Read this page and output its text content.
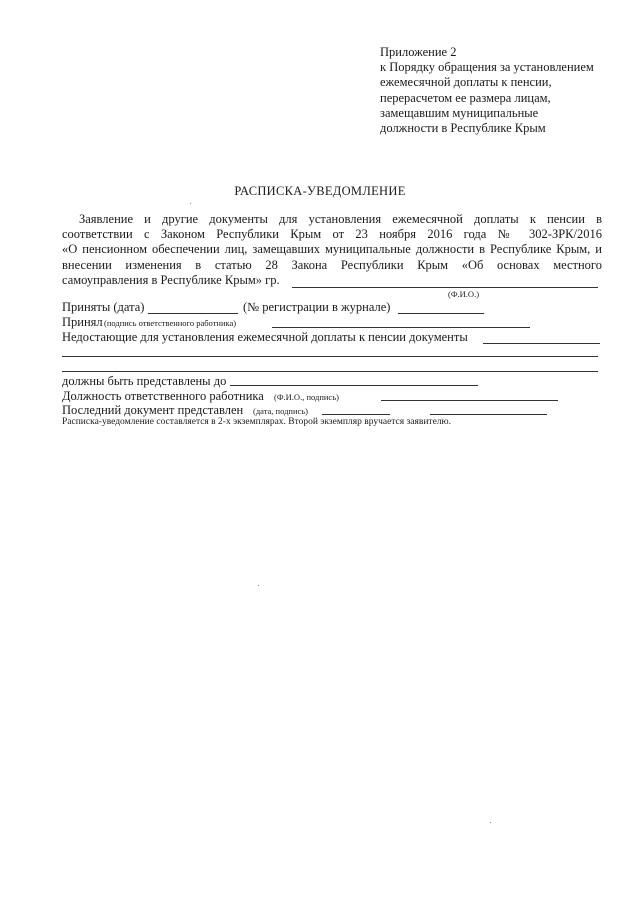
Приложение 2
к Порядку обращения за установлением
ежемесячной доплаты к пенсии,
перерасчетом ее размера лицам,
замещавшим муниципальные
должности в Республике Крым
РАСПИСКА-УВЕДОМЛЕНИЕ
Заявление и другие документы для установления ежемесячной доплаты к пенсии в
соответствии с Законом Республики Крым от 23 ноября 2016 года № 302-ЗРК/2016
«О пенсионном обеспечении лиц, замещавших муниципальные должности в Республике Крым, и
внесении изменения в статью 28 Закона Республики Крым «Об основах местного
самоуправления в Республике Крым» гр.
(Ф.И.О.)
Приняты (дата)	(№ регистрации в журнале)
Принял (подпись ответственного работника)
Недостающие для установления ежемесячной доплаты к пенсии документы
должны быть представлены до
Должность ответственного работника (Ф.И.О., подпись)
Последний документ представлен (дата, подпись)
Расписка-уведомление составляется в 2-х экземплярах. Второй экземпляр вручается заявителю.
